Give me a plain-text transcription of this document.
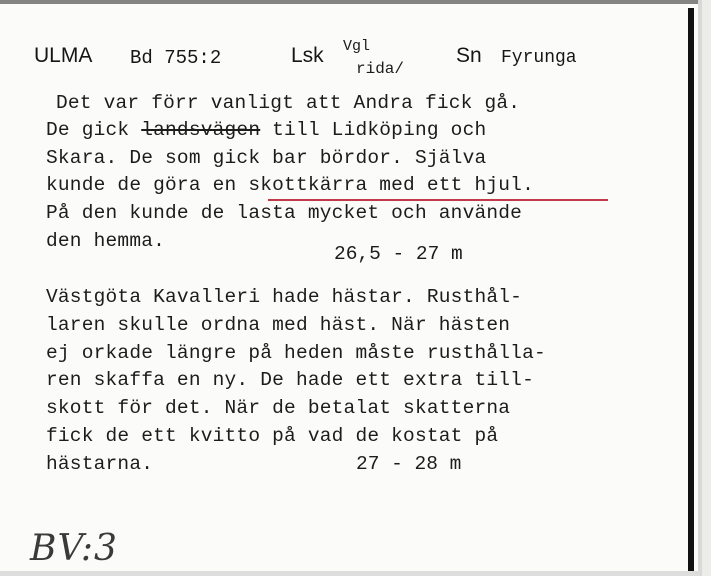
ULMA Bd 755:2	Lsk Vgl
rida/
Sn Fyrunga
Det var förr vanligt att Andra fick gå.
De gick landsvägen till Lidköping och
Skara. De som gick bar bördor. Själva
kunde de göra en skottkärra med ett hjul.
På den kunde de lasta mycket och använde
den hemma.
26,5 - 27 m
Västgöta Kavalleri hade hästar. Rusthål-
laren skulle ordna med häst. När hästen
ej orkade längre på heden måste rusthålla-
ren skaffa en ny. De hade ett extra till-
skott för det. När de betalat skatterna
fick de ett kvitto på vad de kostat på
hästarna.	27 - 28 m
BV:3
